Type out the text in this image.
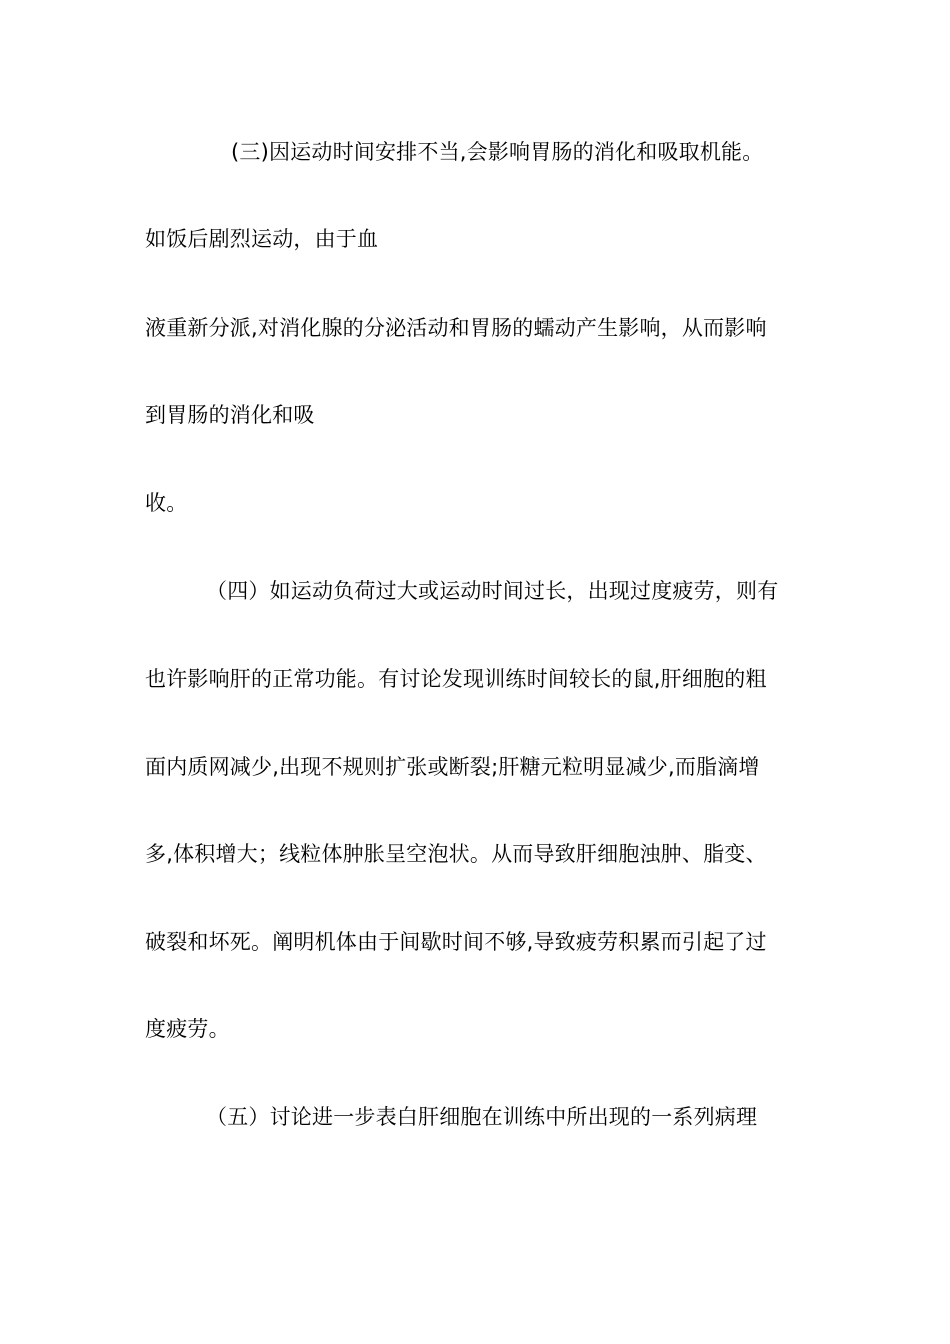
(三)因运动时间安排不当,会影响胃肠的消化和吸取机能。
如饭后剧烈运动，由于血
液重新分派,对消化腺的分泌活动和胃肠的蠕动产生影响，从而影响
到胃肠的消化和吸
收。
（四）如运动负荷过大或运动时间过长，出现过度疲劳，则有
也许影响肝的正常功能。有讨论发现训练时间较长的鼠,肝细胞的粗
面内质网减少,出现不规则扩张或断裂;肝糖元粒明显减少,而脂滴增
多,体积增大；线粒体肿胀呈空泡状。从而导致肝细胞浊肿、脂变、
破裂和坏死。阐明机体由于间歇时间不够,导致疲劳积累而引起了过
度疲劳。
（五）讨论进一步表白肝细胞在训练中所出现的一系列病理
